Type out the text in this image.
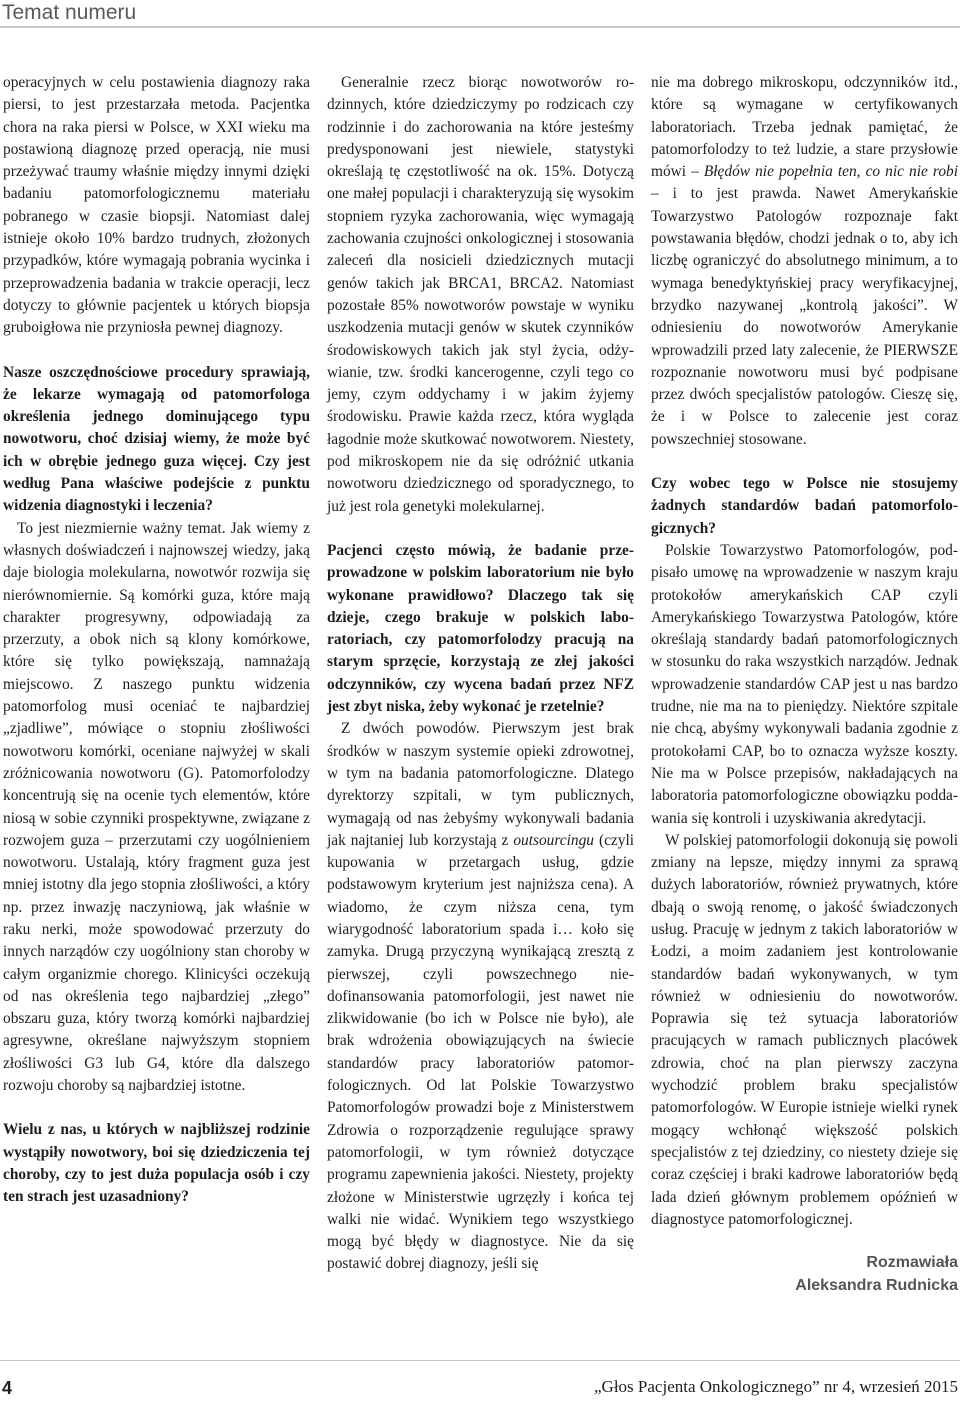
Temat numeru

operacyjnych w celu postawienia diagnozy raka piersi, to jest przestarzała metoda. Pacjentka chora na raka piersi w Polsce, w XXI wieku ma postawioną diagnozę przed operacją, nie musi przeżywać traumy właśnie między innymi dzięki badaniu patomorfologicznemu materiału pobranego w czasie biopsji. Natomiast dalej istnieje około 10% bardzo trudnych, złożonych przypadków, które wymagają pobrania wycinka i przeprowadzenia badania w trakcie operacji, lecz dotyczy to głównie pacjentek u których biopsja gruboigłowa nie przyniosła pewnej diagnozy.

Nasze oszczędnościowe procedury sprawiają, że lekarze wymagają od patomorfologa określenia jednego dominującego typu nowotworu, choć dzisiaj wiemy, że może być ich w obrębie jednego guza więcej. Czy jest według Pana właściwe podejście z punktu widzenia diagnostyki i leczenia?

To jest niezmiernie ważny temat. Jak wiemy z własnych doświadczeń i najnowszej wiedzy, jaką daje biologia molekularna, nowotwór rozwija się nierównomiernie. Są komórki guza, które mają charakter progresywny, odpowiadają za przerzuty, a obok nich są klony komórkowe, które się tylko powiększają, namnażają miejscowo. Z naszego punktu widzenia patomorfolog musi oceniać te najbardziej „zjadliwe”, mówiące o stopniu złośliwości nowotworu komórki, oceniane najwyżej w skali zróżnicowania nowotworu (G). Patomorfolodzy koncentrują się na ocenie tych elementów, które niosą w sobie czynniki prospektywne, związane z rozwojem guza – przerzutami czy uogólnieniem nowotworu. Ustalają, który fragment guza jest mniej istotny dla jego stopnia złośliwości, a który np. przez inwazję naczyniową, jak właśnie w raku nerki, może spowodować przerzuty do innych narządów czy uogólniony stan choroby w całym organizmie chorego. Klinicyści oczekują od nas określenia tego najbardziej „złego” obszaru guza, który tworzą komórki najbardziej agresywne, określane najwyższym stopniem złośliwości G3 lub G4, które dla dalszego rozwoju choroby są najbardziej istotne.

Wielu z nas, u których w najbliższej rodzinie wystąpiły nowotwory, boi się dziedziczenia tej choroby, czy to jest duża populacja osób i czy ten strach jest uzasadniony?

Generalnie rzecz biorąc nowotworów rodzinnych, które dziedziczymy po rodzicach czy rodzinnie i do zachorowania na które jesteśmy predysponowani jest niewiele, statystyki określają tę częstotliwość na ok. 15%. Dotyczą one małej populacji i charakteryzują się wysokim stopniem ryzyka zachorowania, więc wymagają zachowania czujności onkologicznej i stosowania zaleceń dla nosicieli dziedzicznych mutacji genów takich jak BRCA1, BRCA2. Natomiast pozostałe 85% nowotworów powstaje w wyniku uszkodzenia mutacji genów w skutek czynników środowiskowych takich jak styl życia, odżywianie, tzw. środki kancerogenne, czyli tego co jemy, czym oddychamy i w jakim żyjemy środowisku. Prawie każda rzecz, która wygląda łagodnie może skutkować nowotworem. Niestety, pod mikroskopem nie da się odróżnić utkania nowotworu dziedzicznego od sporadycznego, to już jest rola genetyki molekularnej.

Pacjenci często mówią, że badanie przeprowadzone w polskim laboratorium nie było wykonane prawidłowo? Dlaczego tak się dzieje, czego brakuje w polskich laboratoriach, czy patomorfolodzy pracują na starym sprzęcie, korzystają ze złej jakości odczynników, czy wycena badań przez NFZ jest zbyt niska, żeby wykonać je rzetelnie?

Z dwóch powodów. Pierwszym jest brak środków w naszym systemie opieki zdrowotnej, w tym na badania patomorfologiczne. Dlatego dyrektorzy szpitali, w tym publicznych, wymagają od nas żebyśmy wykonywali badania jak najtaniej lub korzystają z outsourcingu (czyli kupowania w przetargach usług, gdzie podstawowym kryterium jest najniższa cena). A wiadomo, że czym niższa cena, tym wiarygodność laboratorium spada i… koło się zamyka. Drugą przyczyną wynikającą zresztą z pierwszej, czyli powszechnego niedofinansowania patomorfologii, jest nawet nie zlikwidowanie (bo ich w Polsce nie było), ale brak wdrożenia obowiązujących na świecie standardów pracy laboratoriów patomorfologicznych. Od lat Polskie Towarzystwo Patomorfologów prowadzi boje z Ministerstwem Zdrowia o rozporządzenie regulujące sprawy patomorfologii, w tym również dotyczące programu zapewnienia jakości. Niestety, projekty złożone w Ministerstwie ugrzęzły i końca tej walki nie widać. Wynikiem tego wszystkiego mogą być błędy w diagnostyce. Nie da się postawić dobrej diagnozy, jeśli się

nie ma dobrego mikroskopu, odczynników itd., które są wymagane w certyfikowanych laboratoriach. Trzeba jednak pamiętać, że patomorfolodzy to też ludzie, a stare przysłowie mówi – Błędów nie popełnia ten, co nic nie robi – i to jest prawda. Nawet Amerykańskie Towarzystwo Patologów rozpoznaje fakt powstawania błędów, chodzi jednak o to, aby ich liczbę ograniczyć do absolutnego minimum, a to wymaga benedyktyńskiej pracy weryfikacyjnej, brzydko nazywanej „kontrolą jakości”. W odniesieniu do nowotworów Amerykanie wprowadzili przed laty zalecenie, że PIERWSZE rozpoznanie nowotworu musi być podpisane przez dwóch specjalistów patologów. Cieszę się, że i w Polsce to zalecenie jest coraz powszechniej stosowane.

Czy wobec tego w Polsce nie stosujemy żadnych standardów badań patomorfologicznych?

Polskie Towarzystwo Patomorfologów, podpisało umowę na wprowadzenie w naszym kraju protokołów amerykańskich CAP czyli Amerykańskiego Towarzystwa Patologów, które określają standardy badań patomorfologicznych w stosunku do raka wszystkich narządów. Jednak wprowadzenie standardów CAP jest u nas bardzo trudne, nie ma na to pieniędzy. Niektóre szpitale nie chcą, abyśmy wykonywali badania zgodnie z protokołami CAP, bo to oznacza wyższe koszty. Nie ma w Polsce przepisów, nakładających na laboratoria patomorfologiczne obowiązku poddawania się kontroli i uzyskiwania akredytacji.

W polskiej patomorfologii dokonują się powoli zmiany na lepsze, między innymi za sprawą dużych laboratoriów, również prywatnych, które dbają o swoją renomę, o jakość świadczonych usług. Pracuję w jednym z takich laboratoriów w Łodzi, a moim zadaniem jest kontrolowanie standardów badań wykonywanych, w tym również w odniesieniu do nowotworów. Poprawia się też sytuacja laboratoriów pracujących w ramach publicznych placówek zdrowia, choć na plan pierwszy zaczyna wychodzić problem braku specjalistów patomorfologów. W Europie istnieje wielki rynek mogący wchłonąć większość polskich specjalistów z tej dziedziny, co niestety dzieje się coraz częściej i braki kadrowe laboratoriów będą lada dzień głównym problemem opóźnień w diagnostyce patomorfologicznej.

Rozmawiała
Aleksandra Rudnicka
4	„Głos Pacjenta Onkologicznego” nr 4, wrzesień 2015
